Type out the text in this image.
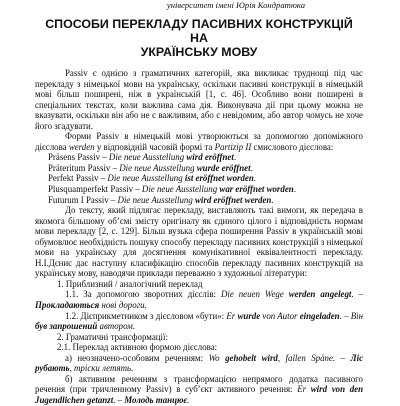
університет імені Юрія Кондратюка
СПОСОБИ ПЕРЕКЛАДУ ПАСИВНИХ КОНСТРУКЦІЙ НА
УКРАЇНСЬКУ МОВУ

Passiv є однією з граматичних категорій, яка викликає труднощі під час перекладу з німецької мови на українську, оскільки пасивні конструкції в німецькій мові більш поширені, ніж в українській [1, с. 46]. Особливо вони поширені в спеціальних текстах, коли важлива сама дія. Виконувача дії при цьому можна не вказувати, оскільки він або не є важливим, або є невідомим, або автор чомусь не хоче його згадувати.

Форми Passiv в німецькій мові утворюються за допомогою допоміжного дієслова werden у відповідній часовій формі та Partizip II смислового дієслова:

Präsens Passiv – Die neue Ausstellung wird eröffnet.

Präteritum Passiv – Die neue Ausstellung wurde eröffnet.

Perfekt Passiv – Die neue Ausstellung ist eröffnet worden.

Plusquamperfekt Passiv – Die neue Ausstellung war eröffnet worden.

Futurum I Passiv – Die neue Ausstellung wird eröffnet werden.

До тексту, який підлягає перекладу, виставляють такі вимоги, як передача в якомога більшому об’ємі змісту оригіналу як єдиного цілого і відповідність нормам мови перекладу [2, с. 129]. Більш вузька сфера поширення Passiv в українській мові обумовлює необхідність пошуку способу перекладу пасивних конструкцій з німецької мови на українську для досягнення комунікативної еквівалентності перекладу. Н.І.Дєнис дає наступну класифікацію способів перекладу пасивних конструкцій на українську мову, наводячи приклади переважно з художньої літератури:

1. Приблизний / аналогічний переклад

1.1. За допомогою зворотних дієслів: Die neuen Wege werden angelegt. – Прокладаються нові дороги.

1.2. Дієприкметником з дієсловом «бути»: Er wurde von Autor eingeladen. – Він був запрошений автором.

2. Граматичні трансформації:

2.1. Переклад активною формою дієслова:

а) неозначено-особовим реченням: Wo gehobelt wird, fallen Späne. – Ліс рубають, тріски летять.

б) активним реченням з трансформацією непрямого додатка пасивного речення (при тричленному Passiv) в суб’єкт активного речення: Er wird von den Jugendlichen getanzt. – Молодь танцює.
